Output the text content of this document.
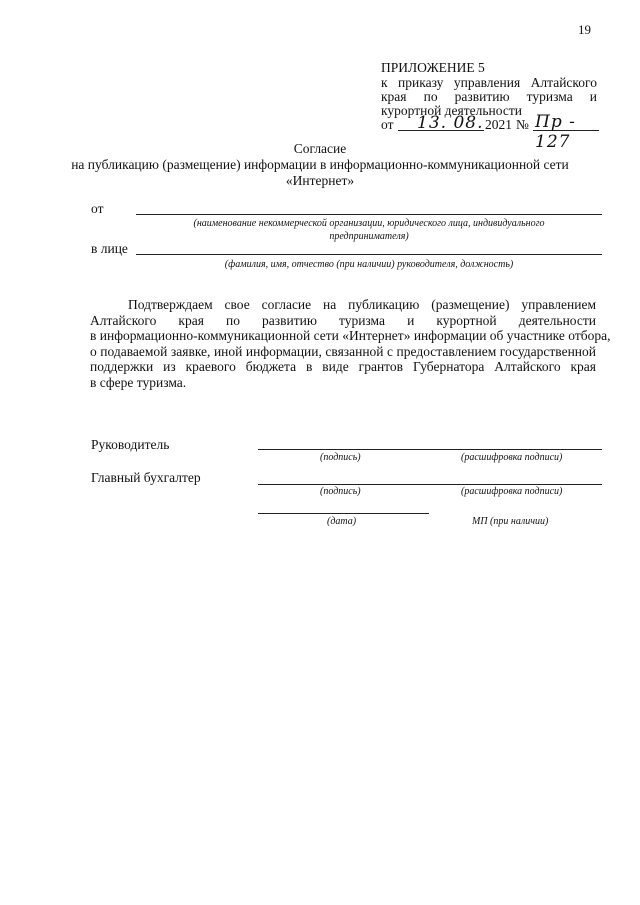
19
ПРИЛОЖЕНИЕ 5
к приказу управления Алтайского
края по развитию туризма и
курортной деятельности
от 13. 08. 2021 № Пр - 127
Согласие
на публикацию (размещение) информации в информационно-коммуникационной сети
«Интернет»
от
(наименование некоммерческой организации, юридического лица, индивидуального
предпринимателя)
в лице
(фамилия, имя, отчество (при наличии) руководителя, должность)
Подтверждаем свое согласие на публикацию (размещение) управлением
Алтайского края по развитию туризма и курортной деятельности
в информационно-коммуникационной сети «Интернет» информации об участнике отбора,
о подаваемой заявке, иной информации, связанной с предоставлением государственной
поддержки из краевого бюджета в виде грантов Губернатора Алтайского края
в сфере туризма.
Руководитель
(подпись)	(расшифровка подписи)
Главный бухгалтер
(подпись)	(расшифровка подписи)
(дата)	МП (при наличии)
